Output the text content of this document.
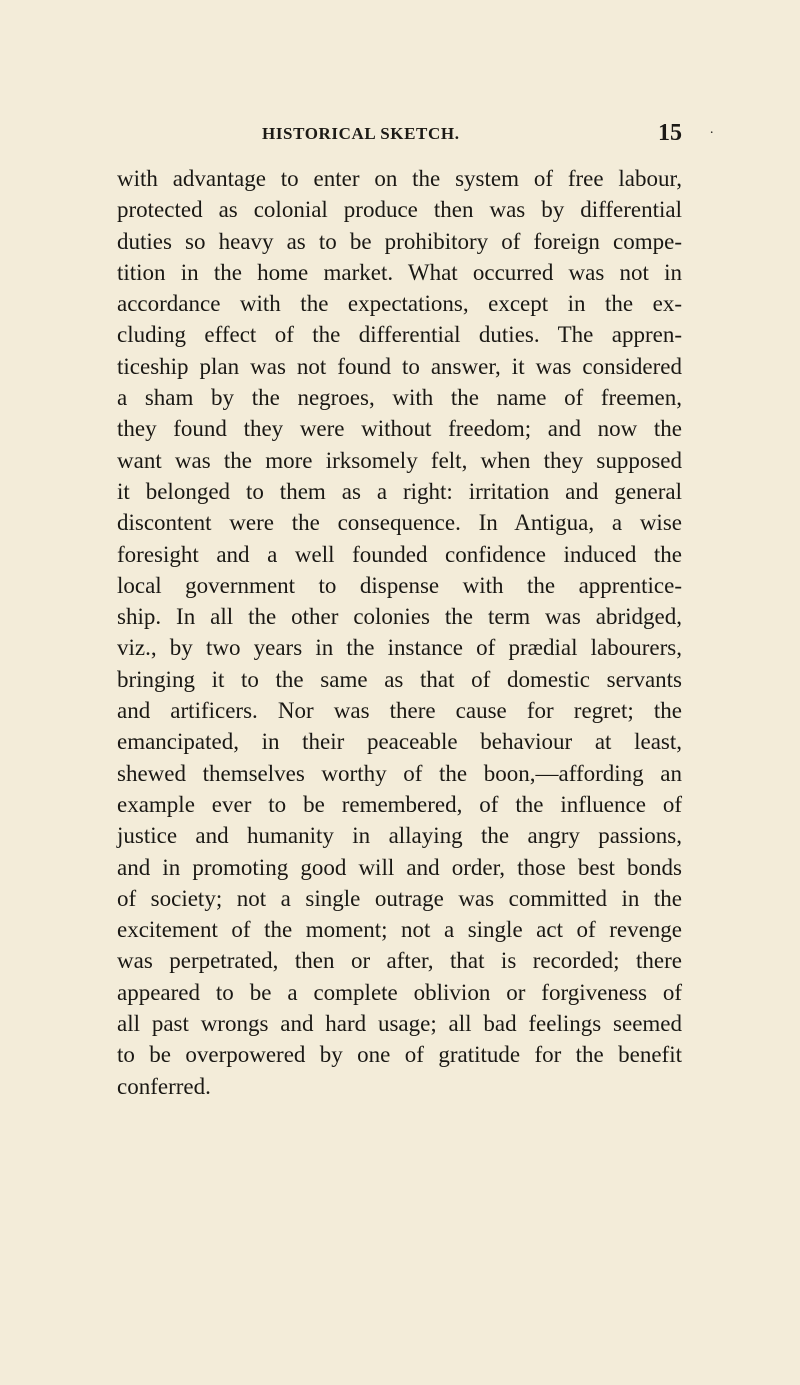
HISTORICAL SKETCH.	15 ·
with advantage to enter on the system of free labour,
protected as colonial produce then was by differential
duties so heavy as to be prohibitory of foreign compe-
tition in the home market. What occurred was not in
accordance with the expectations, except in the ex-
cluding effect of the differential duties. The appren-
ticeship plan was not found to answer, it was considered
a sham by the negroes, with the name of freemen,
they found they were without freedom; and now the
want was the more irksomely felt, when they supposed
it belonged to them as a right: irritation and general
discontent were the consequence. In Antigua, a wise
foresight and a well founded confidence induced the
local government to dispense with the apprentice-
ship. In all the other colonies the term was abridged,
viz., by two years in the instance of prædial labourers,
bringing it to the same as that of domestic servants
and artificers. Nor was there cause for regret; the
emancipated, in their peaceable behaviour at least,
shewed themselves worthy of the boon,—affording an
example ever to be remembered, of the influence of
justice and humanity in allaying the angry passions,
and in promoting good will and order, those best bonds
of society; not a single outrage was committed in the
excitement of the moment; not a single act of revenge
was perpetrated, then or after, that is recorded; there
appeared to be a complete oblivion or forgiveness of
all past wrongs and hard usage; all bad feelings seemed
to be overpowered by one of gratitude for the benefit
conferred.
